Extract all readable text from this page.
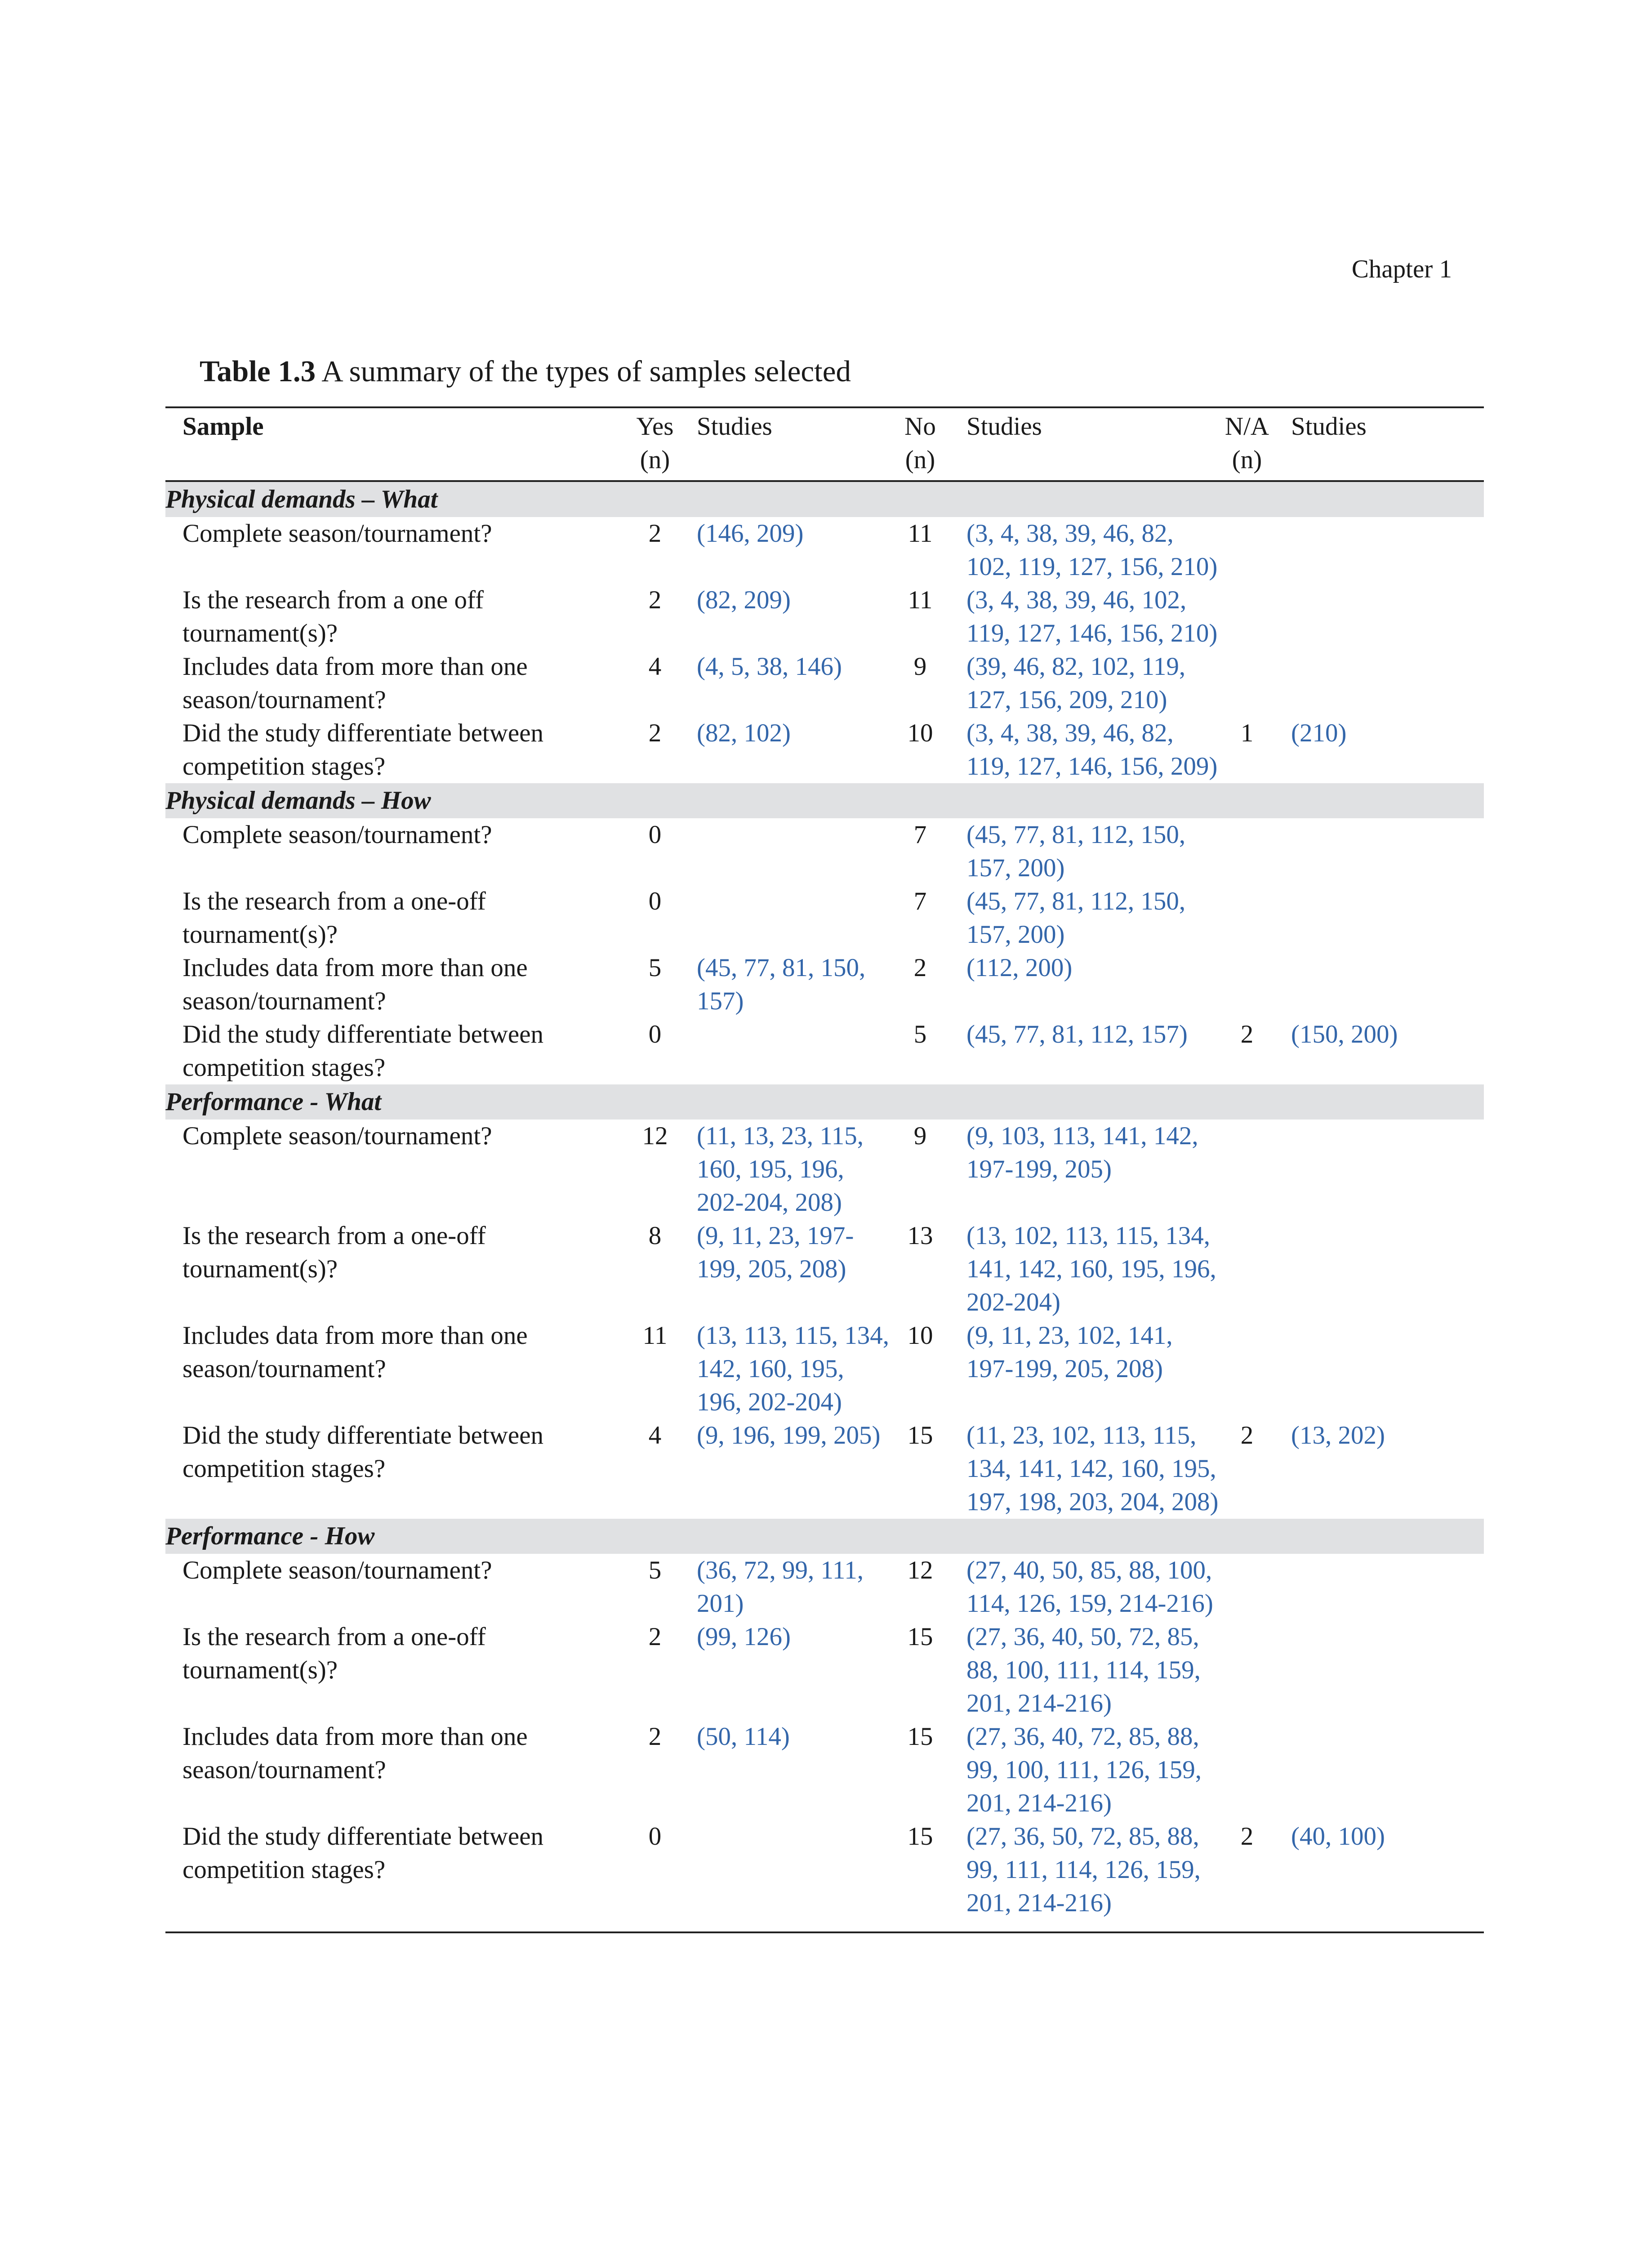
Chapter 1
Table 1.3 A summary of the types of samples selected
Sample	Yes (n)	Studies	No (n)	Studies	N/A (n)	Studies
Physical demands – What						
Complete season/tournament?	2	(146, 209)	11	(3, 4, 38, 39, 46, 82, 102, 119, 127, 156, 210)		
Is the research from a one off tournament(s)?	2	(82, 209)	11	(3, 4, 38, 39, 46, 102, 119, 127, 146, 156, 210)		
Includes data from more than one season/tournament?	4	(4, 5, 38, 146)	9	(39, 46, 82, 102, 119, 127, 156, 209, 210)		
Did the study differentiate between competition stages?	2	(82, 102)	10	(3, 4, 38, 39, 46, 82, 119, 127, 146, 156, 209)	1	(210)
Physical demands – How						
Complete season/tournament?	0		7	(45, 77, 81, 112, 150, 157, 200)		
Is the research from a one-off tournament(s)?	0		7	(45, 77, 81, 112, 150, 157, 200)		
Includes data from more than one season/tournament?	5	(45, 77, 81, 150, 157)	2	(112, 200)		
Did the study differentiate between competition stages?	0		5	(45, 77, 81, 112, 157)	2	(150, 200)
Performance - What						
Complete season/tournament?	12	(11, 13, 23, 115, 160, 195, 196, 202-204, 208)	9	(9, 103, 113, 141, 142, 197-199, 205)		
Is the research from a one-off tournament(s)?	8	(9, 11, 23, 197-199, 205, 208)	13	(13, 102, 113, 115, 134, 141, 142, 160, 195, 196, 202-204)		
Includes data from more than one season/tournament?	11	(13, 113, 115, 134, 142, 160, 195, 196, 202-204)	10	(9, 11, 23, 102, 141, 197-199, 205, 208)		
Did the study differentiate between competition stages?	4	(9, 196, 199, 205)	15	(11, 23, 102, 113, 115, 134, 141, 142, 160, 195, 197, 198, 203, 204, 208)	2	(13, 202)
Performance - How						
Complete season/tournament?	5	(36, 72, 99, 111, 201)	12	(27, 40, 50, 85, 88, 100, 114, 126, 159, 214-216)		
Is the research from a one-off tournament(s)?	2	(99, 126)	15	(27, 36, 40, 50, 72, 85, 88, 100, 111, 114, 159, 201, 214-216)		
Includes data from more than one season/tournament?	2	(50, 114)	15	(27, 36, 40, 72, 85, 88, 99, 100, 111, 126, 159, 201, 214-216)		
Did the study differentiate between competition stages?	0		15	(27, 36, 50, 72, 85, 88, 99, 111, 114, 126, 159, 201, 214-216)	2	(40, 100)
